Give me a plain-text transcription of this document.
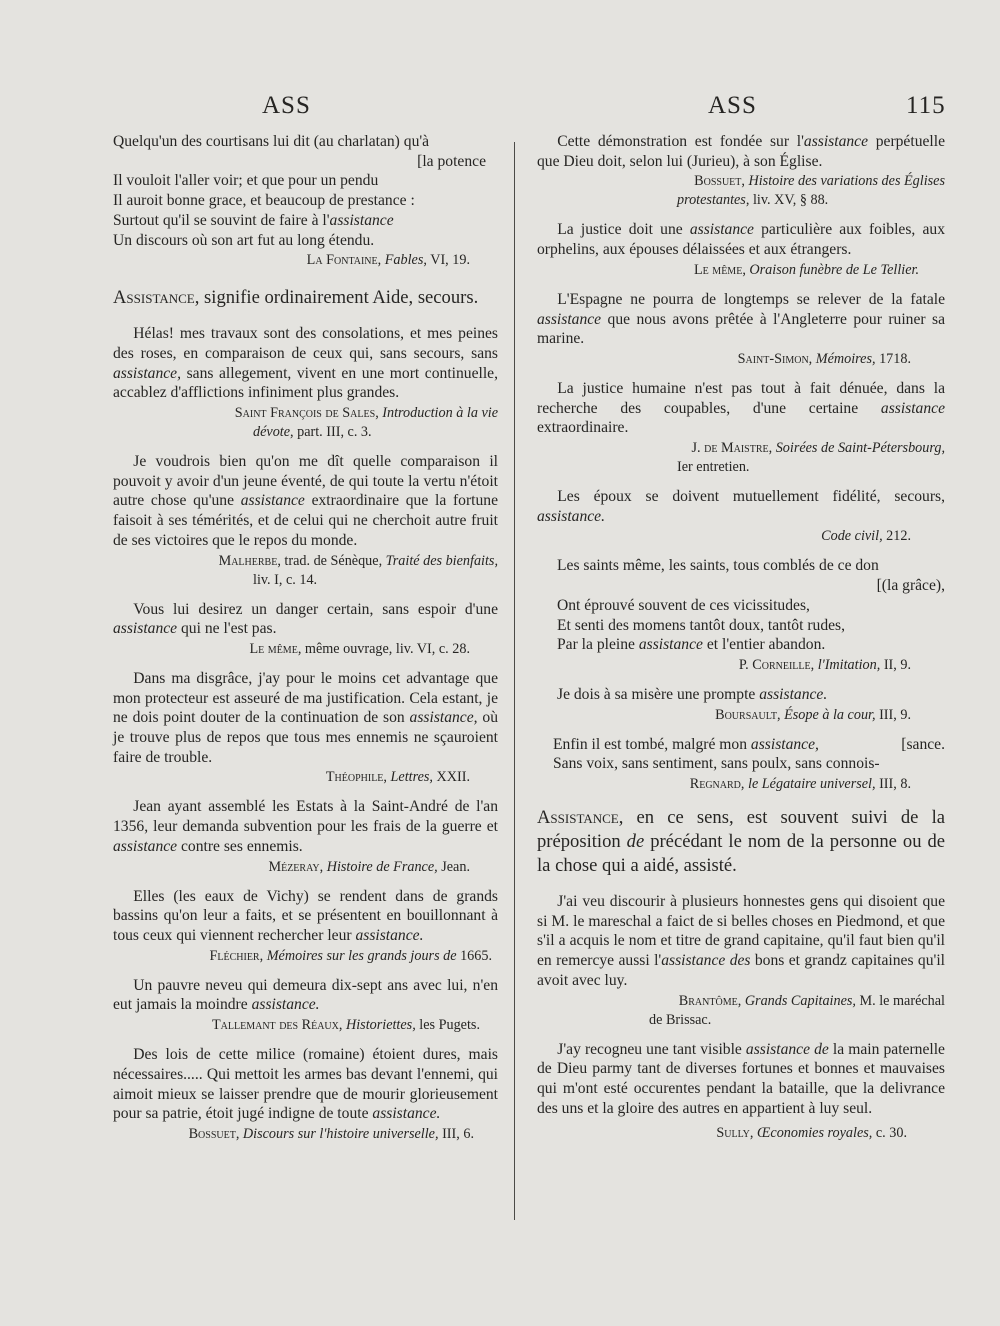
ASS	ASS	115
Quelqu'un des courtisans lui dit (au charlatan) qu'à
[la potence
Il vouloit l'aller voir; et que pour un pendu
Il auroit bonne grace, et beaucoup de prestance :
Surtout qu'il se souvint de faire à l'assistance
Un discours où son art fut au long étendu.
La Fontaine, Fables, VI, 19.

Assistance, signifie ordinairement Aide, secours.

Hélas! mes travaux sont des consolations, et mes peines des roses, en comparaison de ceux qui, sans secours, sans assistance, sans allegement, vivent en une mort continuelle, accablez d'afflictions infiniment plus grandes.

Saint François de Sales, Introduction à la vie
dévote, part. III, c. 3.

Je voudrois bien qu'on me dît quelle comparaison il pouvoit y avoir d'un jeune éventé, de qui toute la vertu n'étoit autre chose qu'une assistance extraordinaire que la fortune faisoit à ses témérités, et de celui qui ne cherchoit autre fruit de ses victoires que le repos du monde.

Malherbe, trad. de Sénèque, Traité des bienfaits,
liv. I, c. 14.

Vous lui desirez un danger certain, sans espoir d'une assistance qui ne l'est pas.

Le même, même ouvrage, liv. VI, c. 28.

Dans ma disgrâce, j'ay pour le moins cet advantage que mon protecteur est asseuré de ma justification. Cela estant, je ne dois point douter de la continuation de son assistance, où je trouve plus de repos que tous mes ennemis ne sçauroient faire de trouble.

Théophile, Lettres, XXII.

Jean ayant assemblé les Estats à la Saint-André de l'an 1356, leur demanda subvention pour les frais de la guerre et assistance contre ses ennemis.

Mézeray, Histoire de France, Jean.

Elles (les eaux de Vichy) se rendent dans de grands bassins qu'on leur a faits, et se présentent en bouillonnant à tous ceux qui viennent rechercher leur assistance.

Fléchier, Mémoires sur les grands jours de 1665.

Un pauvre neveu qui demeura dix-sept ans avec lui, n'en eut jamais la moindre assistance.

Tallemant des Réaux, Historiettes, les Pugets.

Des lois de cette milice (romaine) étoient dures, mais nécessaires..... Qui mettoit les armes bas devant l'ennemi, qui aimoit mieux se laisser prendre que de mourir glorieusement pour sa patrie, étoit jugé indigne de toute assistance.

Bossuet, Discours sur l'histoire universelle, III, 6.

Cette démonstration est fondée sur l'assistance perpétuelle que Dieu doit, selon lui (Jurieu), à son Église.

Bossuet, Histoire des variations des Églises
protestantes, liv. XV, § 88.

La justice doit une assistance particulière aux foibles, aux orphelins, aux épouses délaissées et aux étrangers.

Le même, Oraison funèbre de Le Tellier.

L'Espagne ne pourra de longtemps se relever de la fatale assistance que nous avons prêtée à l'Angleterre pour ruiner sa marine.

Saint-Simon, Mémoires, 1718.

La justice humaine n'est pas tout à fait dénuée, dans la recherche des coupables, d'une certaine assistance extraordinaire.

J. de Maistre, Soirées de Saint-Pétersbourg,
Ier entretien.

Les époux se doivent mutuellement fidélité, secours, assistance.

Code civil, 212.
Les saints même, les saints, tous comblés de ce don
[(la grâce),
Ont éprouvé souvent de ces vicissitudes,
Et senti des momens tantôt doux, tantôt rudes,
Par la pleine assistance et l'entier abandon.
P. Corneille, l'Imitation, II, 9.
Je dois à sa misère une prompte assistance.
Boursault, Ésope à la cour, III, 9.
Enfin il est tombé, malgré mon assistance,	[sance.
Sans voix, sans sentiment, sans poulx, sans connois-
Regnard, le Légataire universel, III, 8.

Assistance, en ce sens, est souvent suivi de la préposition de précédant le nom de la personne ou de la chose qui a aidé, assisté.

J'ai veu discourir à plusieurs honnestes gens qui disoient que si M. le mareschal a faict de si belles choses en Piedmond, et que s'il a acquis le nom et titre de grand capitaine, qu'il faut bien qu'il en remercye aussi l'assistance des bons et grandz capitaines qu'il avoit avec luy.

Brantôme, Grands Capitaines, M. le maréchal
de Brissac.

J'ay recogneu une tant visible assistance de la main paternelle de Dieu parmy tant de diverses fortunes et bonnes et mauvaises qui m'ont esté occurentes pendant la bataille, que la delivrance des uns et la gloire des autres en appartient à luy seul.

Sully, Œconomies royales, c. 30.
